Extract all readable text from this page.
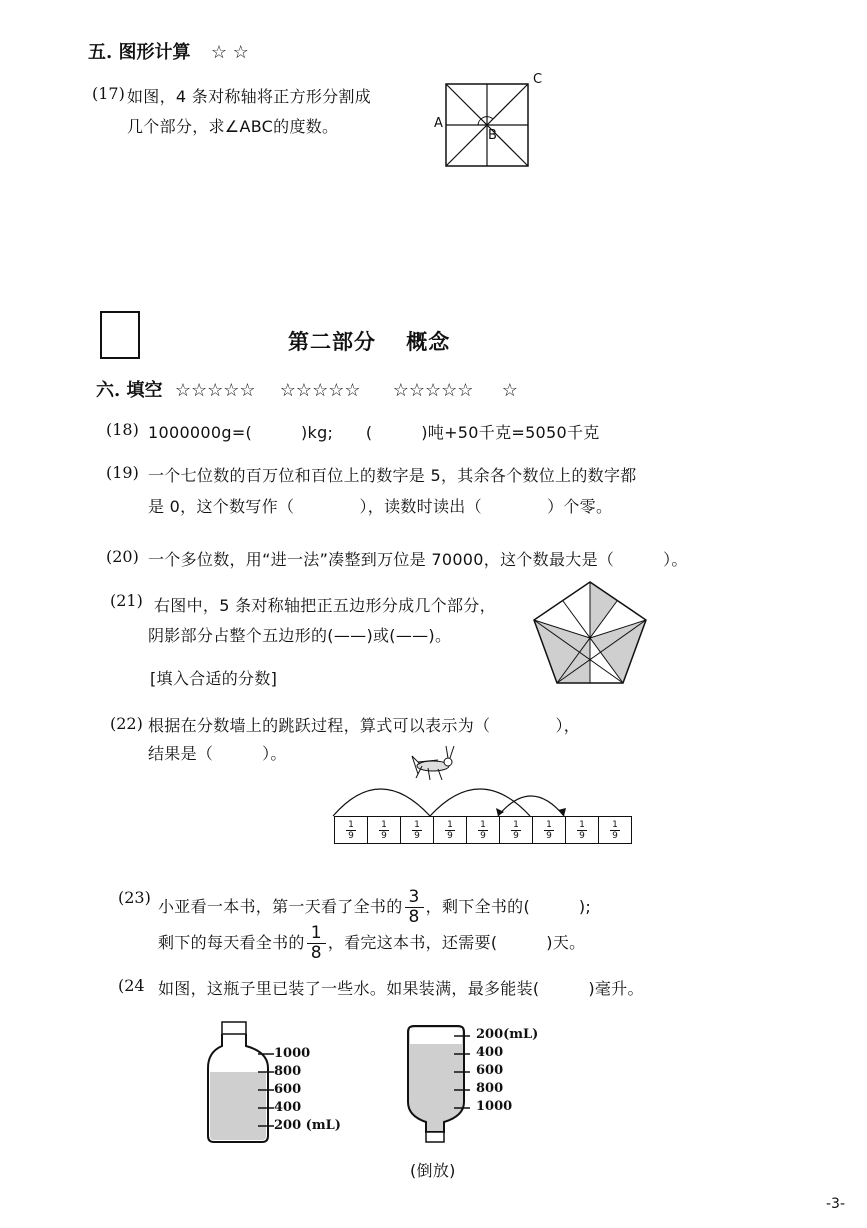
五. 图形计算 ☆ ☆
(17) 如图，4 条对称轴将正方形分割成
几个部分，求∠ABC的度数。	A
B
C
第二部分　 概念
六. 填空 ☆☆☆☆☆ ☆☆☆☆☆ ☆☆☆☆☆ ☆
(18) 1000000g=(　　　)kg;　　(　　　)吨+50千克=5050千克
(19) 一个七位数的百万位和百位上的数字是 5，其余各个数位上的数字都
是 0，这个数写作（　　　　），读数时读出（　　　　）个零。
(20) 一个多位数，用“进一法”凑整到万位是 70000，这个数最大是（　　　）。
(21) 右图中，5 条对称轴把正五边形分成几个部分，
阴影部分占整个五边形的(——)或(——)。
[填入合适的分数]
(22) 根据在分数墙上的跳跃过程，算式可以表示为（　　　　），
结果是（　　　）。
$\frac{1}{9} \frac{1}{9} \frac{1}{9} \frac{1}{9} \frac{1}{9} \frac{1}{9} \frac{1}{9} \frac{1}{9} \frac{1}{9}$
(23) 小亚看一本书，第一天看了全书的 $\frac{3}{8}$ ，剩下全书的(　　　);
剩下的每天看全书的 $\frac{1}{8}$ ，看完这本书，还需要(　　　)天。
(24 如图，这瓶子里已装了一些水。如果装满，最多能装(　　　)毫升。
1000
800
600
400
200 (mL)
200(mL)
400
600
800
1000
(倒放)
-3-
